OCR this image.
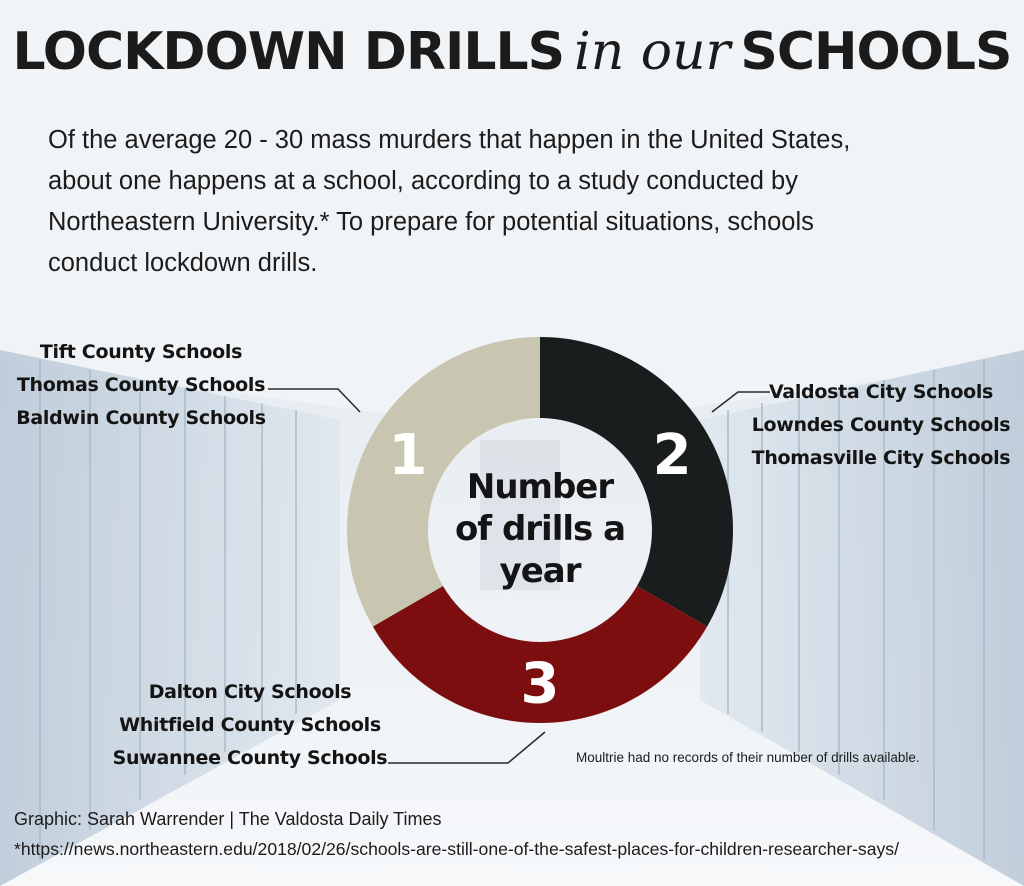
LOCKDOWN DRILLS in our SCHOOLS

Of the average 20 - 30 mass murders that happen in the United States,

about one happens at a school, according to a study conducted by

Northeastern University.* To prepare for potential situations, schools

conduct lockdown drills.

2
3
1 Number
of drills a
year
Tift County Schools
Thomas County Schools
Baldwin County Schools
Valdosta City Schools
Lowndes County Schools
Thomasville City Schools
Dalton City Schools
Whitfield County Schools
Suwannee County Schools	Moultrie had no records of their number of drills available.
Graphic: Sarah Warrender | The Valdosta Daily Times
*https://news.northeastern.edu/2018/02/26/schools-are-still-one-of-the-safest-places-for-children-researcher-says/
